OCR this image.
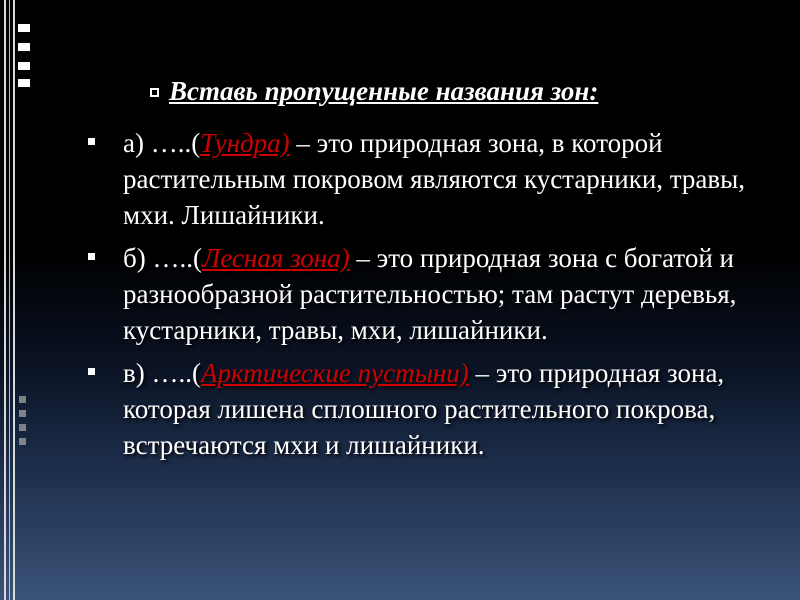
Вставь пропущенные названия зон:
а) …..(Тундра) – это природная зона, в которой растительным покровом являются кустарники, травы, мхи. Лишайники.
б) …..(Лесная зона) – это природная зона с богатой и разнообразной растительностью; там растут деревья, кустарники, травы, мхи, лишайники.
в) …..(Арктические пустыни) – это природная зона, которая лишена сплошного растительного покрова, встречаются мхи и лишайники.
